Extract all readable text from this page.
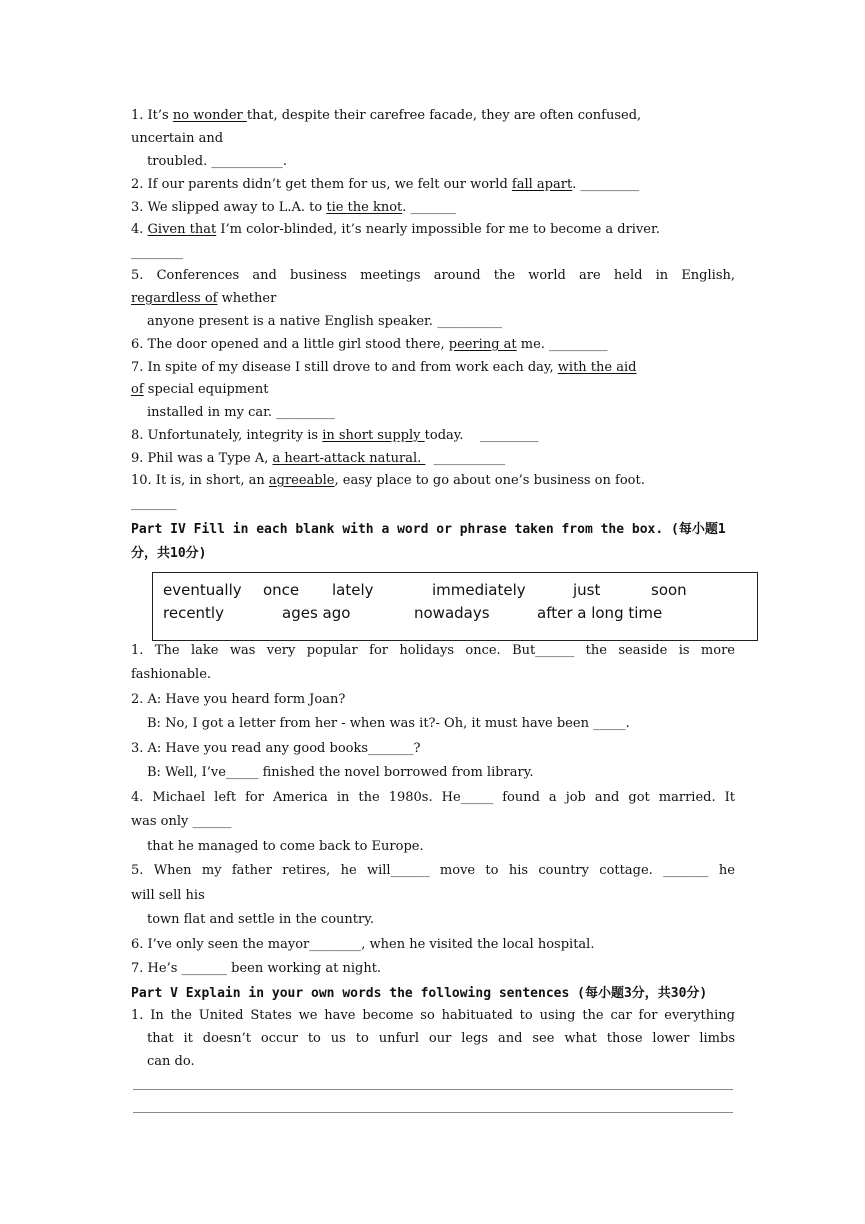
1. It’s no wonder that, despite their carefree facade, they are often confused,
uncertain and
troubled. ___________.
2. If our parents didn’t get them for us, we felt our world fall apart. _________
3. We slipped away to L.A. to tie the knot. _______
4. Given that I’m color-blinded, it’s nearly impossible for me to become a driver.
________
5. Conferences and business meetings around the world are held in English,
regardless of whether
anyone present is a native English speaker. __________
6. The door opened and a little girl stood there, peering at me. _________
7. In spite of my disease I still drove to and from work each day, with the aid
of special equipment
installed in my car. _________
8. Unfortunately, integrity is in short supply today.    _________
9. Phil was a Type A, a heart-attack natural.   ___________
10. It is, in short, an agreeable, easy place to go about one’s business on foot.
_______
Part IV Fill in each blank with a word or phrase taken from the box. (每小题1
分，共10分)
eventually once lately	immediately	just	soon
recently	ages ago	nowadays	after a long time
1. The lake was very popular for holidays once. But______ the seaside is more
fashionable.
2. A: Have you heard form Joan?
B: No, I got a letter from her - when was it?- Oh, it must have been _____.
3. A: Have you read any good books_______?
B: Well, I’ve_____ finished the novel borrowed from library.
4. Michael left for America in the 1980s. He_____ found a job and got married. It
was only ______
that he managed to come back to Europe.
5. When my father retires, he will______ move to his country cottage. _______ he
will sell his
town flat and settle in the country.
6. I’ve only seen the mayor________, when he visited the local hospital.
7. He’s _______ been working at night.
Part V Explain in your own words the following sentences (每小题3分，共30分)
1. In the United States we have become so habituated to using the car for everything
that it doesn’t occur to us to unfurl our legs and see what those lower limbs
can do.
